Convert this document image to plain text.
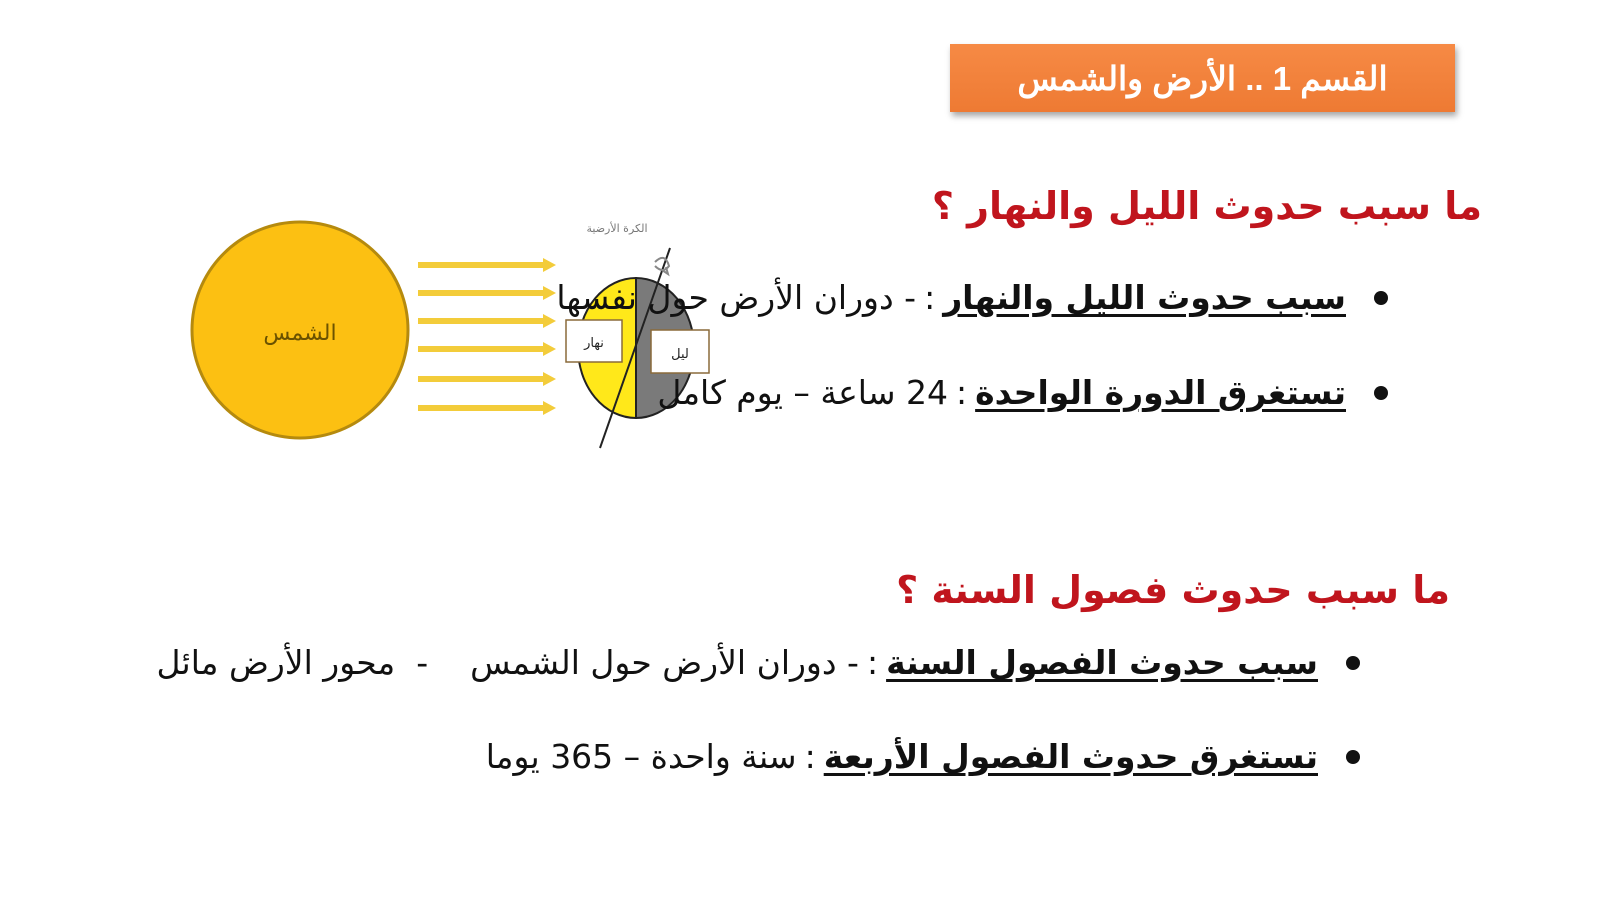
القسم 1 .. الأرض والشمس
الشمس
الكرة الأرضية
نهار
ليل
ما سبب حدوث الليل والنهار ؟
سبب حدوث الليل والنهار
:
- دوران الأرض حول نفسها
تستغرق الدورة الواحدة
:
24 ساعة – يوم كامل
ما سبب حدوث فصول السنة ؟
سبب حدوث الفصول السنة
:
- دوران الأرض حول الشمس    -  محور الأرض مائل
تستغرق حدوث الفصول الأربعة
:
سنة واحدة – 365 يوما
